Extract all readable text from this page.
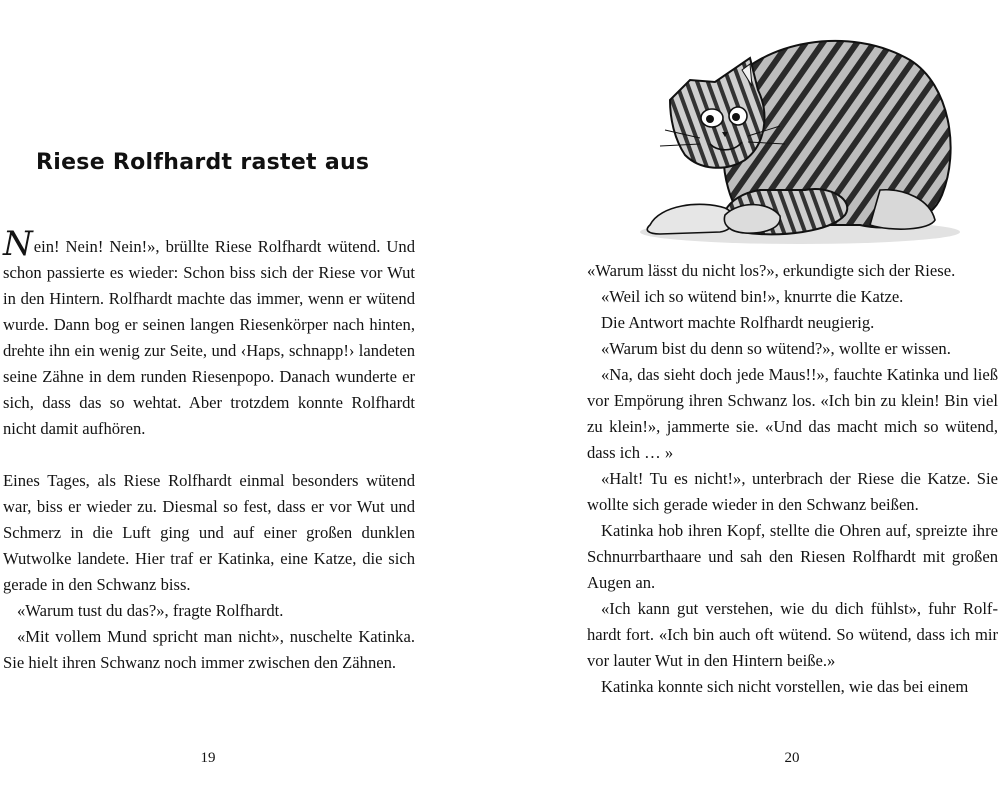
Riese Rolfhardt rastet aus

Nein! Nein! Nein!», brüllte Riese Rolfhardt wütend. Und schon passierte es wieder: Schon biss sich der Riese vor Wut in den Hintern. Rolfhardt machte das immer, wenn er wütend wurde. Dann bog er seinen langen Riesenkörper nach hinten, drehte ihn ein wenig zur Seite, und ‹Haps, schnapp!› landeten seine Zähne in dem runden Riesenpopo. Danach wunderte er sich, dass das so wehtat. Aber trotzdem konnte Rolfhardt nicht damit aufhören.

Eines Tages, als Riese Rolfhardt einmal besonders wütend war, biss er wieder zu. Diesmal so fest, dass er vor Wut und Schmerz in die Luft ging und auf einer großen dunklen Wutwolke landete. Hier traf er Katinka, eine Katze, die sich gerade in den Schwanz biss.

«Warum tust du das?», fragte Rolfhardt.

«Mit vollem Mund spricht man nicht», nuschelte Katinka. Sie hielt ihren Schwanz noch immer zwischen den Zähnen.

19

«Warum lässt du nicht los?», erkundigte sich der Riese.

«Weil ich so wütend bin!», knurrte die Katze.

Die Antwort machte Rolfhardt neugierig.

«Warum bist du denn so wütend?», wollte er wissen.

«Na, das sieht doch jede Maus!!», fauchte Katinka und ließ vor Empörung ihren Schwanz los. «Ich bin zu klein! Bin viel zu klein!», jammerte sie. «Und das macht mich so wütend, dass ich … »

«Halt! Tu es nicht!», unterbrach der Riese die Katze. Sie wollte sich gerade wieder in den Schwanz beißen.

Katinka hob ihren Kopf, stellte die Ohren auf, spreizte ihre Schnurrbarthaare und sah den Riesen Rolfhardt mit großen Augen an.

«Ich kann gut verstehen, wie du dich fühlst», fuhr Rolfhardt fort. «Ich bin auch oft wütend. So wütend, dass ich mir vor lauter Wut in den Hintern beiße.»

Katinka konnte sich nicht vorstellen, wie das bei einem

20
